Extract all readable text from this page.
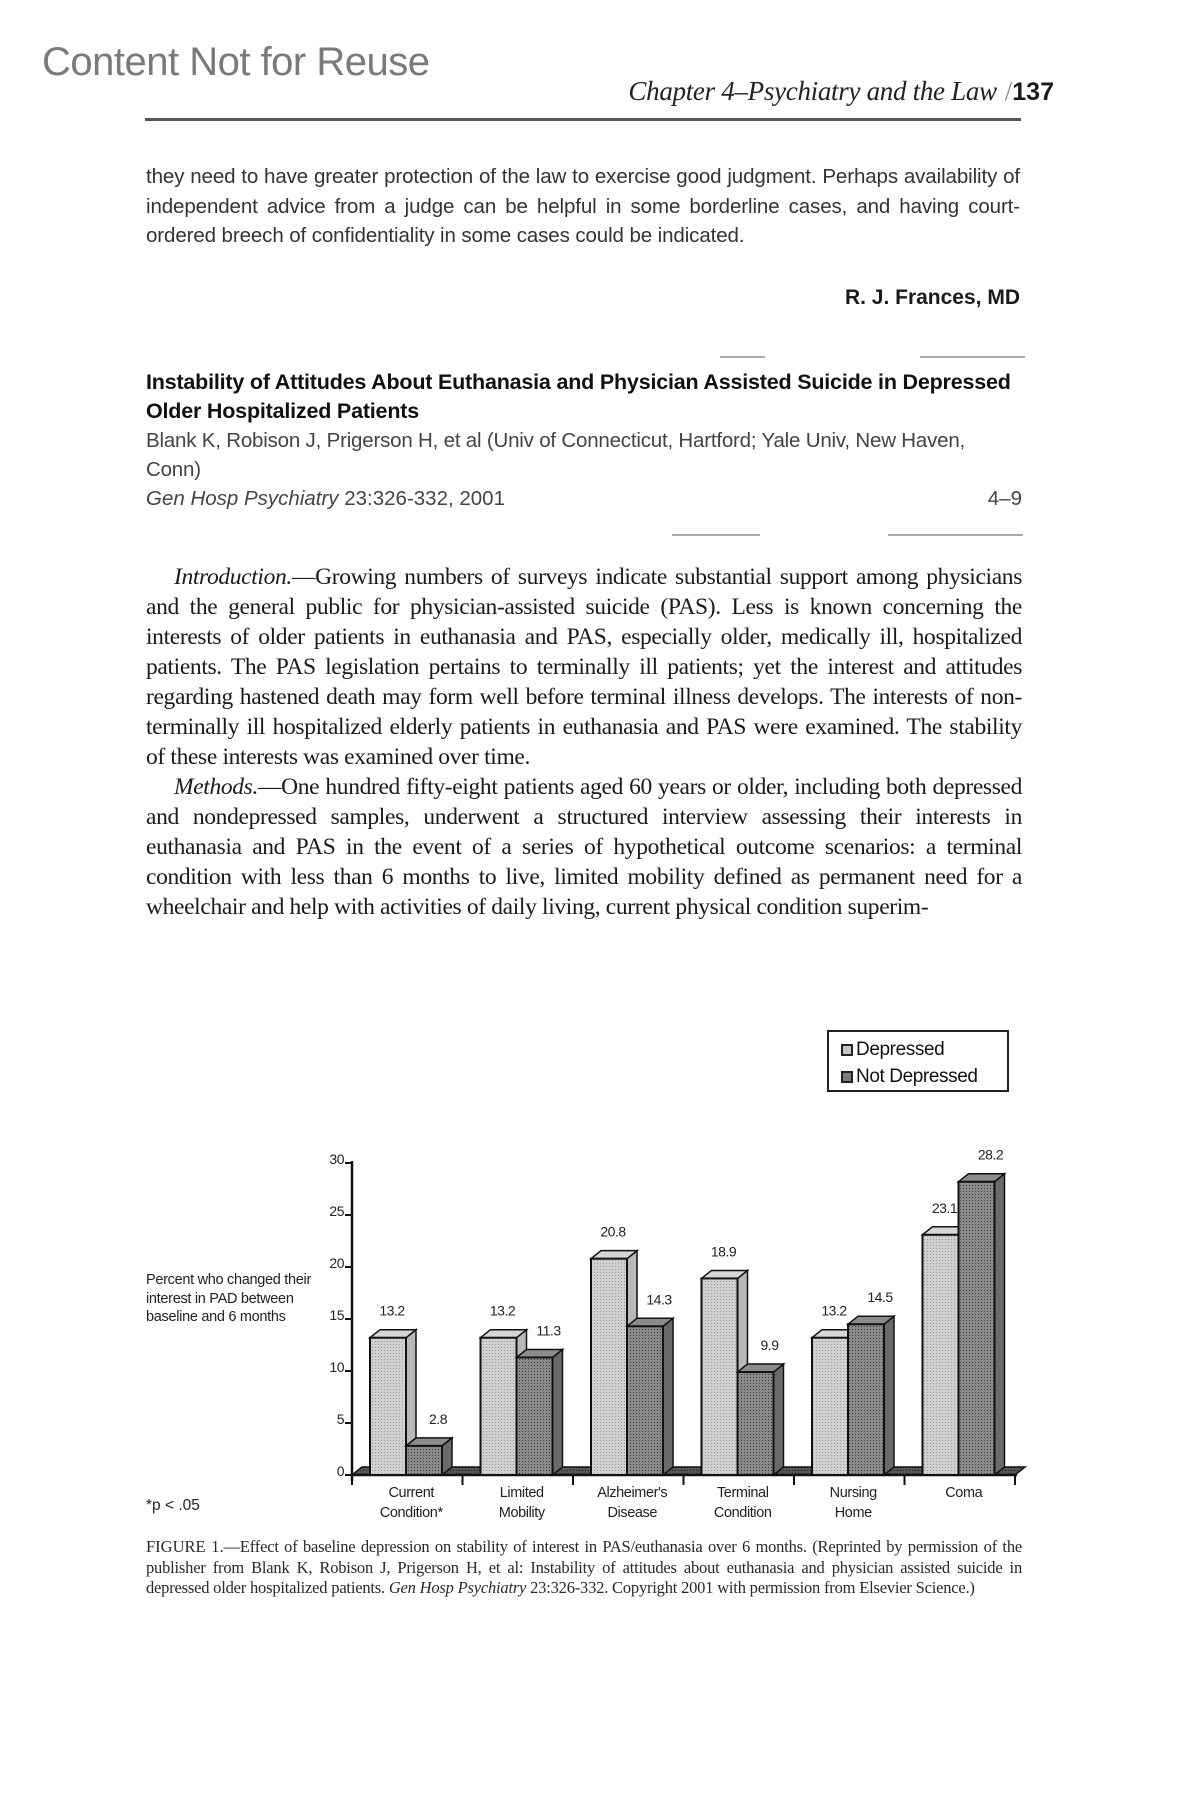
Content Not for Reuse
Chapter 4–Psychiatry and the Law / 137
they need to have greater protection of the law to exercise good judgment. Perhaps availability of independent advice from a judge can be helpful in some borderline cases, and having court-ordered breech of confidentiality in some cases could be indicated.
R. J. Frances, MD
Instability of Attitudes About Euthanasia and Physician Assisted Suicide in Depressed Older Hospitalized Patients
Blank K, Robison J, Prigerson H, et al (Univ of Connecticut, Hartford; Yale Univ, New Haven, Conn)
Gen Hosp Psychiatry 23:326-332, 2001	4–9

Introduction.—Growing numbers of surveys indicate substantial support among physicians and the general public for physician-assisted suicide (PAS). Less is known concerning the interests of older patients in euthanasia and PAS, especially older, medically ill, hospitalized patients. The PAS legislation pertains to terminally ill patients; yet the interest and attitudes regarding hastened death may form well before terminal illness develops. The interests of non-terminally ill hospitalized elderly patients in euthanasia and PAS were examined. The stability of these interests was examined over time.

Methods.—One hundred fifty-eight patients aged 60 years or older, including both depressed and nondepressed samples, underwent a structured interview assessing their interests in euthanasia and PAS in the event of a series of hypothetical outcome scenarios: a terminal condition with less than 6 months to live, limited mobility defined as permanent need for a wheelchair and help with activities of daily living, current physical condition superim-

Depressed
Not Depressed
Percent who changed their interest in PAD between baseline and 6 months
0
5
10
15
20
25
30
13.2
2.8
Current
Condition*
13.2
11.3
Limited
Mobility
20.8
14.3
Alzheimer's
Disease
18.9
9.9
Terminal
Condition
13.2
14.5
Nursing
Home
23.1
28.2
Coma
*p < .05
FIGURE 1.—Effect of baseline depression on stability of interest in PAS/euthanasia over 6 months. (Reprinted by permission of the publisher from Blank K, Robison J, Prigerson H, et al: Instability of attitudes about euthanasia and physician assisted suicide in depressed older hospitalized patients. Gen Hosp Psychiatry 23:326-332. Copyright 2001 with permission from Elsevier Science.)
